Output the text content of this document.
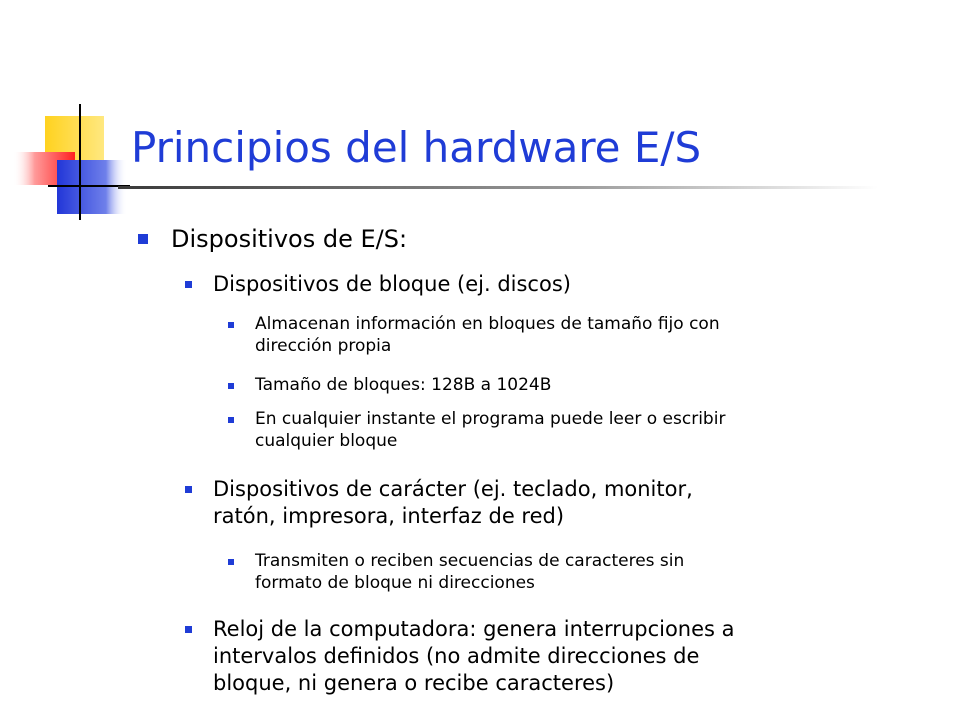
Principios del hardware E/S
Dispositivos de E/S:
Dispositivos de bloque (ej. discos)
Almacenan información en bloques de tamaño fijo con
dirección propia
Tamaño de bloques: 128B a 1024B
En cualquier instante el programa puede leer o escribir
cualquier bloque
Dispositivos de carácter (ej. teclado, monitor,
ratón, impresora, interfaz de red)
Transmiten o reciben secuencias de caracteres sin
formato de bloque ni direcciones
Reloj de la computadora: genera interrupciones a
intervalos definidos (no admite direcciones de
bloque, ni genera o recibe caracteres)
